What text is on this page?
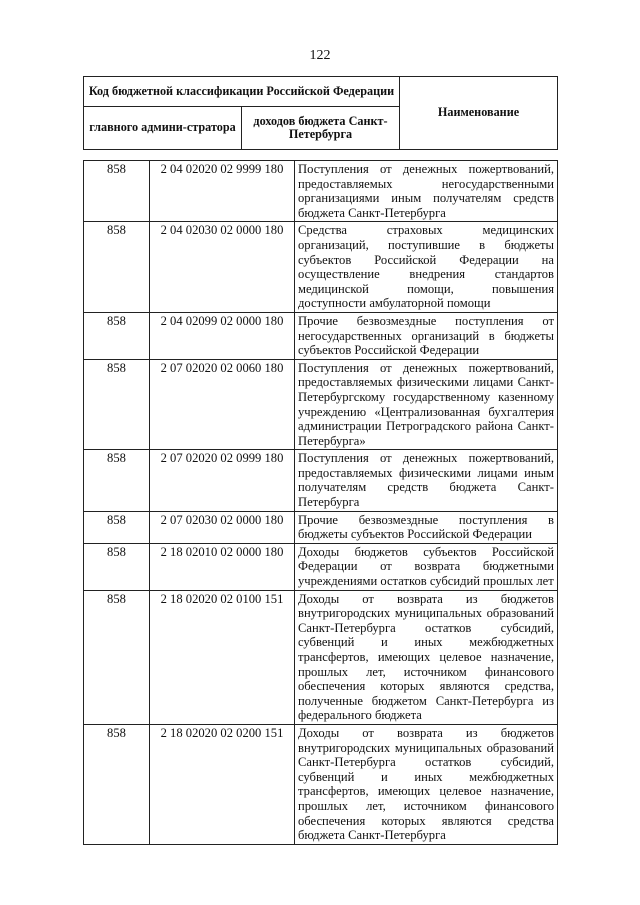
122
Код бюджетной классификации Российской Федерации		Наименование
главного админи-стратора	доходов бюджета Санкт-Петербурга	
858	2 04 02020 02 9999 180	Поступления от денежных пожертвований, предоставляемых негосударственными организациями иным получателям средств бюджета Санкт-Петербурга
858	2 04 02030 02 0000 180	Средства страховых медицинских организаций, поступившие в бюджеты субъектов Российской Федерации на осуществление внедрения стандартов медицинской помощи, повышения доступности амбулаторной помощи
858	2 04 02099 02 0000 180	Прочие безвозмездные поступления от негосударственных организаций в бюджеты субъектов Российской Федерации
858	2 07 02020 02 0060 180	Поступления от денежных пожертвований, предоставляемых физическими лицами Санкт-Петербургскому государственному казенному учреждению «Централизованная бухгалтерия администрации Петроградского района Санкт-Петербурга»
858	2 07 02020 02 0999 180	Поступления от денежных пожертвований, предоставляемых физическими лицами иным получателям средств бюджета Санкт-Петербурга
858	2 07 02030 02 0000 180	Прочие безвозмездные поступления в бюджеты субъектов Российской Федерации
858	2 18 02010 02 0000 180	Доходы бюджетов субъектов Российской Федерации от возврата бюджетными учреждениями остатков субсидий прошлых лет
858	2 18 02020 02 0100 151	Доходы от возврата из бюджетов внутригородских муниципальных образований Санкт-Петербурга остатков субсидий, субвенций и иных межбюджетных трансфертов, имеющих целевое назначение, прошлых лет, источником финансового обеспечения которых являются средства, полученные бюджетом Санкт-Петербурга из федерального бюджета
858	2 18 02020 02 0200 151	Доходы от возврата из бюджетов внутригородских муниципальных образований Санкт-Петербурга остатков субсидий, субвенций и иных межбюджетных трансфертов, имеющих целевое назначение, прошлых лет, источником финансового обеспечения которых являются средства бюджета Санкт-Петербурга
